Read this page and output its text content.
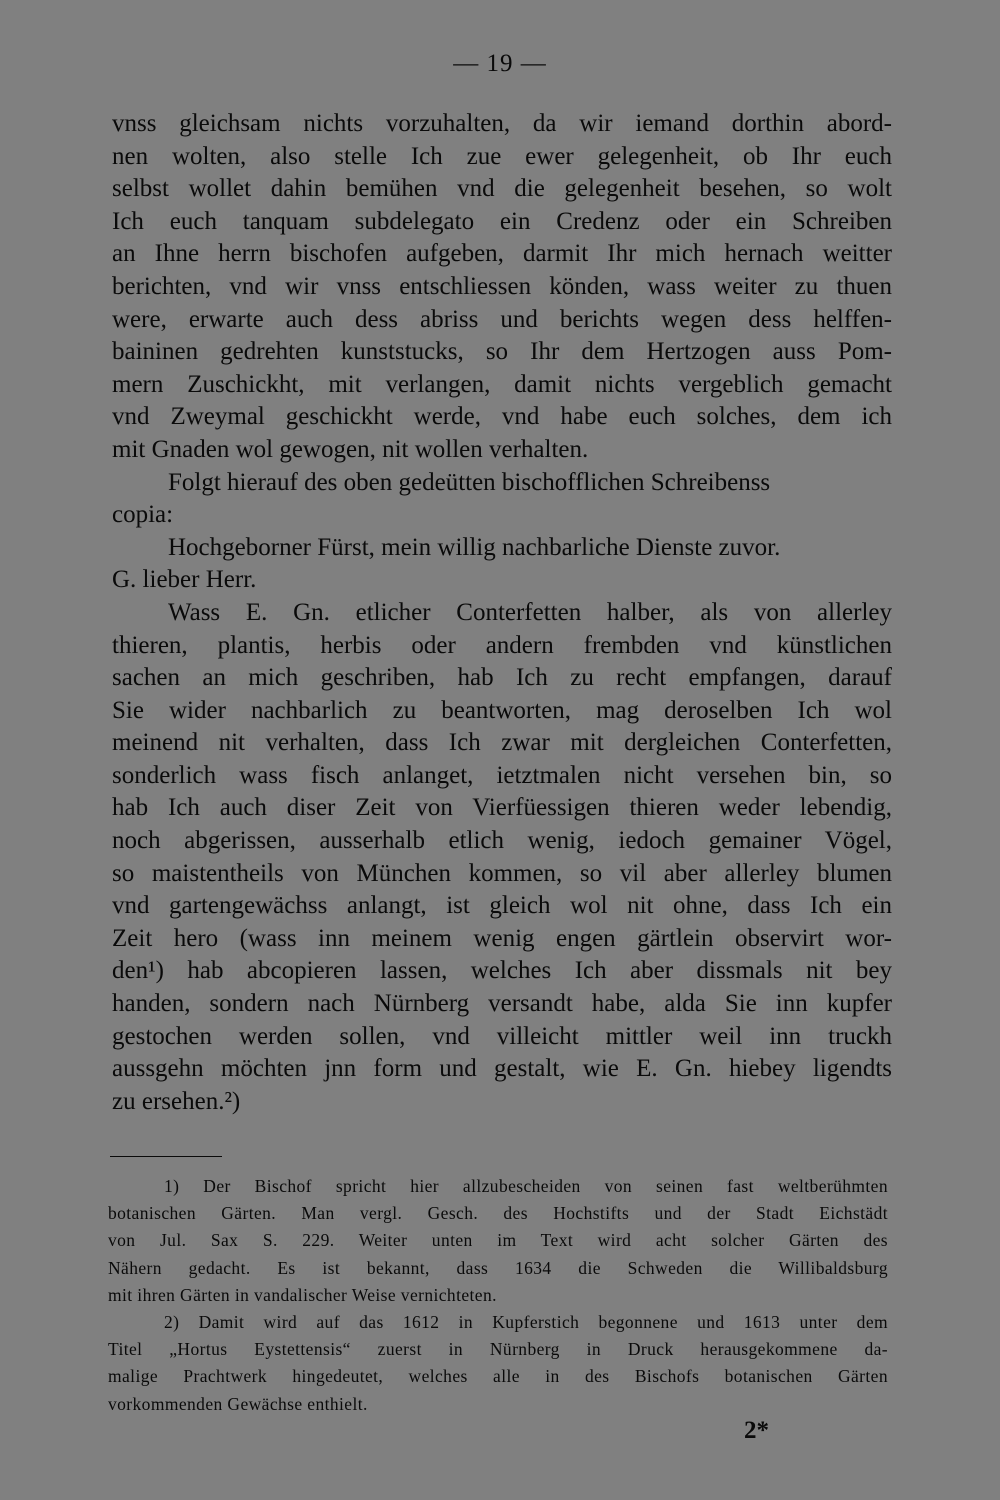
— 19 —
vnss gleichsam nichts vorzuhalten, da wir iemand dorthin abord-
nen wolten, also stelle Ich zue ewer gelegenheit, ob Ihr euch
selbst wollet dahin bemühen vnd die gelegenheit besehen, so wolt
Ich euch tanquam subdelegato ein Credenz oder ein Schreiben
an Ihne herrn bischofen aufgeben, darmit Ihr mich hernach weitter
berichten, vnd wir vnss entschliessen könden, wass weiter zu thuen
were, erwarte auch dess abriss und berichts wegen dess helffen-
baininen gedrehten kunststucks, so Ihr dem Hertzogen auss Pom-
mern Zuschickht, mit verlangen, damit nichts vergeblich gemacht
vnd Zweymal geschickht werde, vnd habe euch solches, dem ich
mit Gnaden wol gewogen, nit wollen verhalten.
Folgt hierauf des oben gedeütten bischofflichen Schreibenss
copia:
Hochgeborner Fürst, mein willig nachbarliche Dienste zuvor.
G. lieber Herr.
Wass E. Gn. etlicher Conterfetten halber, als von allerley
thieren, plantis, herbis oder andern frembden vnd künstlichen
sachen an mich geschriben, hab Ich zu recht empfangen, darauf
Sie wider nachbarlich zu beantworten, mag deroselben Ich wol
meinend nit verhalten, dass Ich zwar mit dergleichen Conterfetten,
sonderlich wass fisch anlanget, ietztmalen nicht versehen bin, so
hab Ich auch diser Zeit von Vierfüessigen thieren weder lebendig,
noch abgerissen, ausserhalb etlich wenig, iedoch gemainer Vögel,
so maistentheils von München kommen, so vil aber allerley blumen
vnd gartengewächss anlangt, ist gleich wol nit ohne, dass Ich ein
Zeit hero (wass inn meinem wenig engen gärtlein observirt wor-
den¹) hab abcopieren lassen, welches Ich aber dissmals nit bey
handen, sondern nach Nürnberg versandt habe, alda Sie inn kupfer
gestochen werden sollen, vnd villeicht mittler weil inn truckh
aussgehn möchten jnn form und gestalt, wie E. Gn. hiebey ligendts
zu ersehen.²)
1) Der Bischof spricht hier allzubescheiden von seinen fast weltberühmten
botanischen Gärten. Man vergl. Gesch. des Hochstifts und der Stadt Eichstädt
von Jul. Sax S. 229. Weiter unten im Text wird acht solcher Gärten des
Nähern gedacht. Es ist bekannt, dass 1634 die Schweden die Willibaldsburg
mit ihren Gärten in vandalischer Weise vernichteten.
2) Damit wird auf das 1612 in Kupferstich begonnene und 1613 unter dem
Titel „Hortus Eystettensis“ zuerst in Nürnberg in Druck herausgekommene da-
malige Prachtwerk hingedeutet, welches alle in des Bischofs botanischen Gärten
vorkommenden Gewächse enthielt.
2*
